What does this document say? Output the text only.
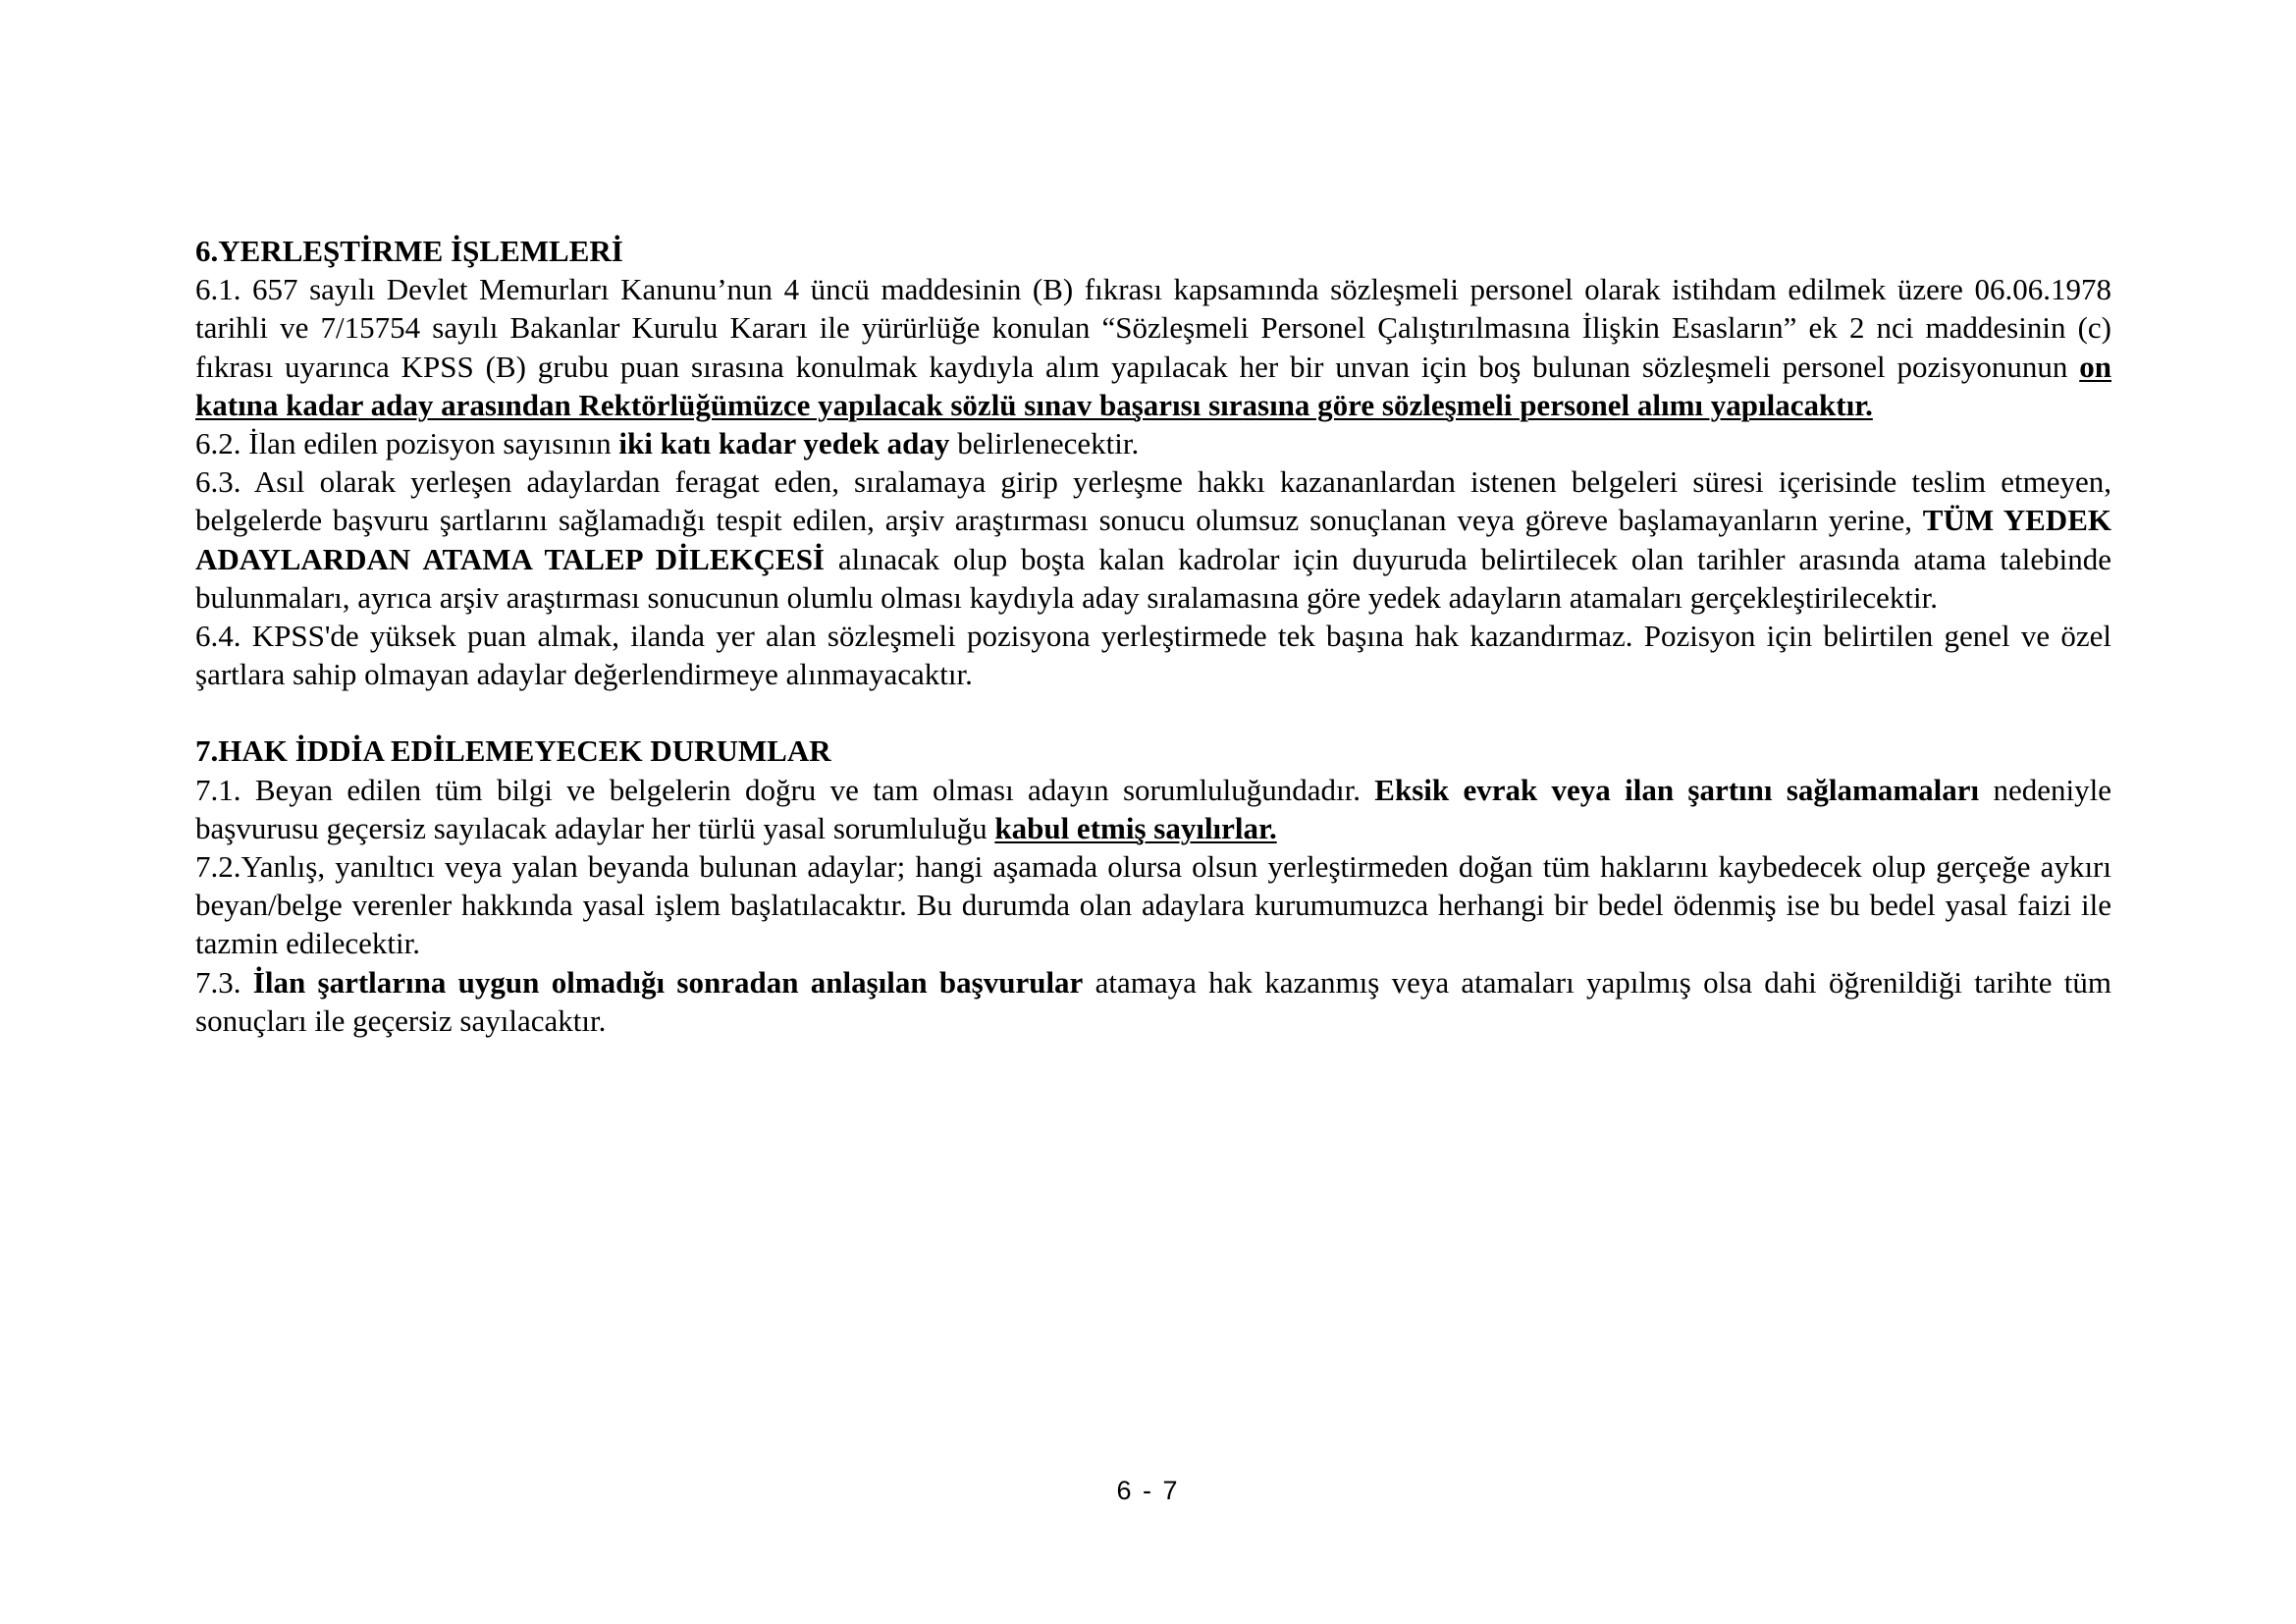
6.YERLEŞTİRME İŞLEMLERİ

6.1. 657 sayılı Devlet Memurları Kanunu’nun 4 üncü maddesinin (B) fıkrası kapsamında sözleşmeli personel olarak istihdam edilmek üzere 06.06.1978 tarihli ve 7/15754 sayılı Bakanlar Kurulu Kararı ile yürürlüğe konulan “Sözleşmeli Personel Çalıştırılmasına İlişkin Esasların” ek 2 nci maddesinin (c) fıkrası uyarınca KPSS (B) grubu puan sırasına konulmak kaydıyla alım yapılacak her bir unvan için boş bulunan sözleşmeli personel pozisyonunun on katına kadar aday arasından Rektörlüğümüzce yapılacak sözlü sınav başarısı sırasına göre sözleşmeli personel alımı yapılacaktır.

6.2. İlan edilen pozisyon sayısının iki katı kadar yedek aday belirlenecektir.

6.3. Asıl olarak yerleşen adaylardan feragat eden, sıralamaya girip yerleşme hakkı kazananlardan istenen belgeleri süresi içerisinde teslim etmeyen, belgelerde başvuru şartlarını sağlamadığı tespit edilen, arşiv araştırması sonucu olumsuz sonuçlanan veya göreve başlamayanların yerine, TÜM YEDEK ADAYLARDAN ATAMA TALEP DİLEKÇESİ alınacak olup boşta kalan kadrolar için duyuruda belirtilecek olan tarihler arasında atama talebinde bulunmaları, ayrıca arşiv araştırması sonucunun olumlu olması kaydıyla aday sıralamasına göre yedek adayların atamaları gerçekleştirilecektir.

6.4. KPSS'de yüksek puan almak, ilanda yer alan sözleşmeli pozisyona yerleştirmede tek başına hak kazandırmaz. Pozisyon için belirtilen genel ve özel şartlara sahip olmayan adaylar değerlendirmeye alınmayacaktır.

7.HAK İDDİA EDİLEMEYECEK DURUMLAR

7.1. Beyan edilen tüm bilgi ve belgelerin doğru ve tam olması adayın sorumluluğundadır. Eksik evrak veya ilan şartını sağlamamaları nedeniyle başvurusu geçersiz sayılacak adaylar her türlü yasal sorumluluğu kabul etmiş sayılırlar.

7.2.Yanlış, yanıltıcı veya yalan beyanda bulunan adaylar; hangi aşamada olursa olsun yerleştirmeden doğan tüm haklarını kaybedecek olup gerçeğe aykırı beyan/belge verenler hakkında yasal işlem başlatılacaktır. Bu durumda olan adaylara kurumumuzca herhangi bir bedel ödenmiş ise bu bedel yasal faizi ile tazmin edilecektir.

7.3. İlan şartlarına uygun olmadığı sonradan anlaşılan başvurular atamaya hak kazanmış veya atamaları yapılmış olsa dahi öğrenildiği tarihte tüm sonuçları ile geçersiz sayılacaktır.

6 - 7
